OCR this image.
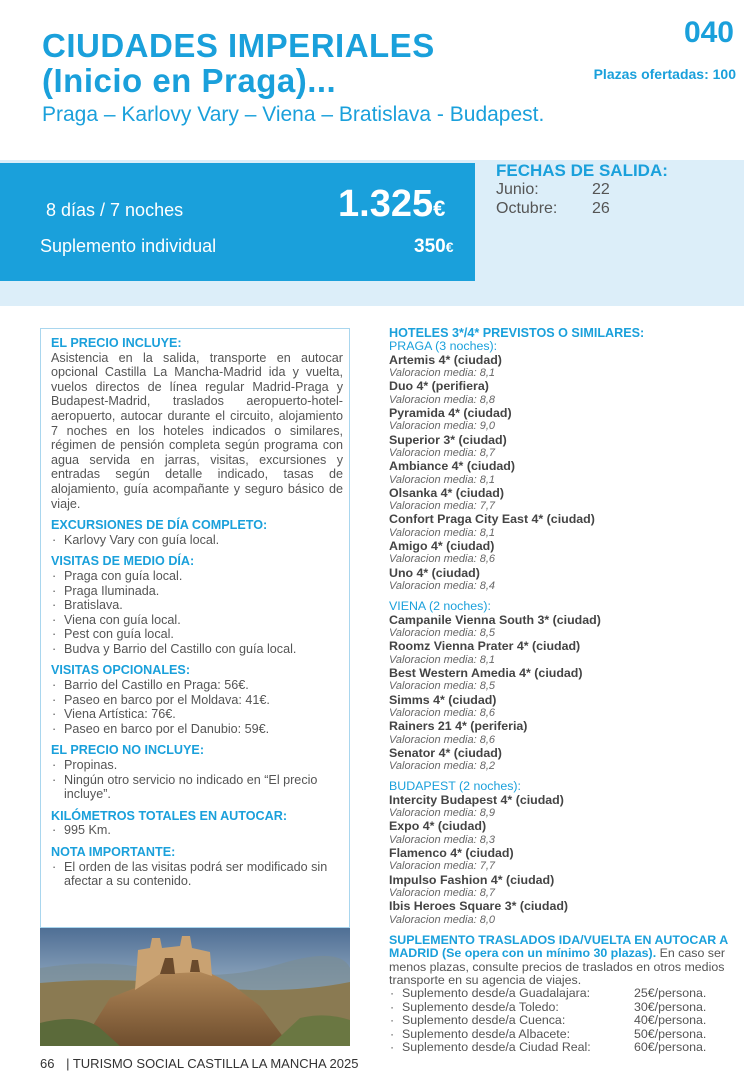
CIUDADES IMPERIALES
(Inicio en Praga)...
Praga – Karlovy Vary – Viena – Bratislava - Budapest.
040
Plazas ofertadas: 100
8 días / 7 noches	1.325€
Suplemento individual	350€
FECHAS DE SALIDA:
Junio:	22
Octubre: 26
EL PRECIO INCLUYE:
Asistencia en la salida, transporte en autocar opcional Castilla La Mancha-Madrid ida y vuelta, vuelos directos de línea regular Madrid-Praga y Budapest-Madrid, traslados aeropuerto-hotel-aeropuerto, autocar durante el circuito, alojamiento 7 noches en los hoteles indicados o similares, régimen de pensión completa según programa con agua servida en jarras, visitas, excursiones y entradas según detalle indicado, tasas de alojamiento, guía acompañante y seguro básico de viaje.
EXCURSIONES DE DÍA COMPLETO:
· Karlovy Vary con guía local.
VISITAS DE MEDIO DÍA:
· Praga con guía local.
· Praga Iluminada.
· Bratislava.
· Viena con guía local.
· Pest con guía local.
· Budva y Barrio del Castillo con guía local.
VISITAS OPCIONALES:
· Barrio del Castillo en Praga: 56€.
· Paseo en barco por el Moldava: 41€.
· Viena Artística: 76€.
· Paseo en barco por el Danubio: 59€.
EL PRECIO NO INCLUYE:
· Propinas.
· Ningún otro servicio no indicado en “El precio incluye”.
KILÓMETROS TOTALES EN AUTOCAR:
· 995 Km.
NOTA IMPORTANTE:
· El orden de las visitas podrá ser modificado sin afectar a su contenido.
66 | TURISMO SOCIAL CASTILLA LA MANCHA 2025
HOTELES 3*/4* PREVISTOS O SIMILARES:
PRAGA (3 noches):
Artemis 4* (ciudad)
Valoracion media: 8,1
Duo 4* (perifiera)
Valoracion media: 8,8
Pyramida 4* (ciudad)
Valoracion media: 9,0
Superior 3* (ciudad)
Valoracion media: 8,7
Ambiance 4* (ciudad)
Valoracion media: 8,1
Olsanka 4* (ciudad)
Valoracion media: 7,7
Confort Praga City East 4* (ciudad)
Valoracion media: 8,1
Amigo 4* (ciudad)
Valoracion media: 8,6
Uno 4* (ciudad)
Valoracion media: 8,4
VIENA (2 noches):
Campanile Vienna South 3* (ciudad)
Valoracion media: 8,5
Roomz Vienna Prater 4* (ciudad)
Valoracion media: 8,1
Best Western Amedia 4* (ciudad)
Valoracion media: 8,5
Simms 4* (ciudad)
Valoracion media: 8,6
Rainers 21 4* (periferia)
Valoracion media: 8,6
Senator 4* (ciudad)
Valoracion media: 8,2
BUDAPEST (2 noches):
Intercity Budapest 4* (ciudad)
Valoracion media: 8,9
Expo 4* (ciudad)
Valoracion media: 8,3
Flamenco 4* (ciudad)
Valoracion media: 7,7
Impulso Fashion 4* (ciudad)
Valoracion media: 8,7
Ibis Heroes Square 3* (ciudad)
Valoracion media: 8,0
SUPLEMENTO TRASLADOS IDA/VUELTA EN AUTOCAR A MADRID (Se opera con un mínimo 30 plazas). En caso ser menos plazas, consulte precios de traslados en otros medios transporte en su agencia de viajes.
· Suplemento desde/a Guadalajara:	25€/persona.
· Suplemento desde/a Toledo:	30€/persona.
· Suplemento desde/a Cuenca:	40€/persona.
· Suplemento desde/a Albacete:	50€/persona.
· Suplemento desde/a Ciudad Real:	60€/persona.
